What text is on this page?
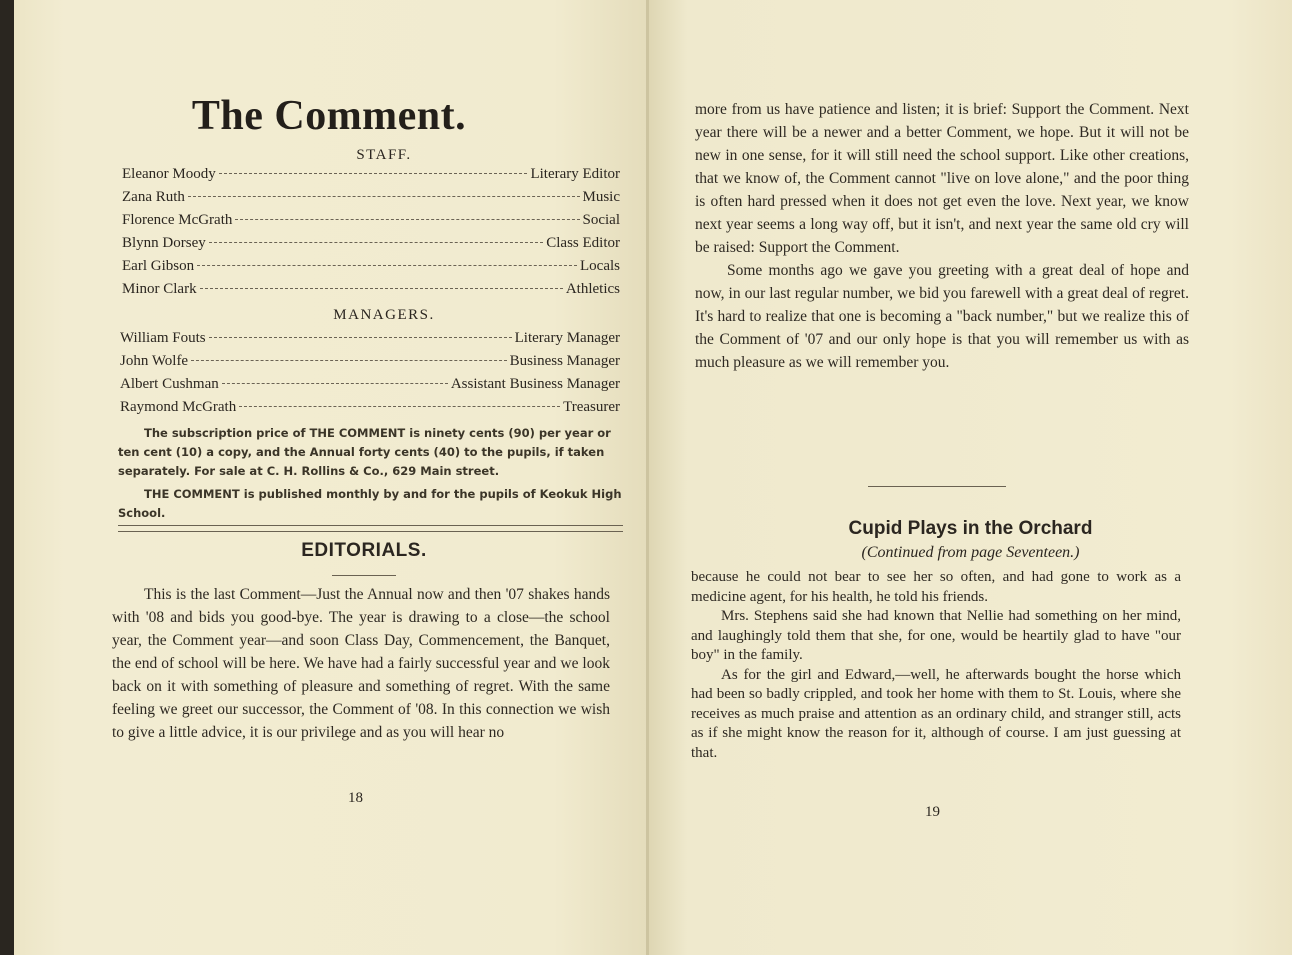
The Comment.
STAFF.
Eleanor Moody	Literary Editor
Zana Ruth	Music
Florence McGrath	Social
Blynn Dorsey	Class Editor
Earl Gibson	Locals
Minor Clark	Athletics
MANAGERS.
William Fouts	Literary Manager
John Wolfe	Business Manager
Albert Cushman	Assistant Business Manager
Raymond McGrath	Treasurer

The subscription price of THE COMMENT is ninety cents (90) per year or ten cent (10) a copy, and the Annual forty cents (40) to the pupils, if taken separately. For sale at C. H. Rollins & Co., 629 Main street.

THE COMMENT is published monthly by and for the pupils of Keokuk High School.

EDITORIALS.

This is the last Comment—Just the Annual now and then '07 shakes hands with '08 and bids you good-bye. The year is drawing to a close—the school year, the Comment year—and soon Class Day, Commencement, the Banquet, the end of school will be here. We have had a fairly successful year and we look back on it with something of pleasure and something of regret. With the same feeling we greet our successor, the Comment of '08. In this connection we wish to give a little advice, it is our privilege and as you will hear no

18

more from us have patience and listen; it is brief: Support the Comment. Next year there will be a newer and a better Comment, we hope. But it will not be new in one sense, for it will still need the school support. Like other creations, that we know of, the Comment cannot "live on love alone," and the poor thing is often hard pressed when it does not get even the love. Next year, we know next year seems a long way off, but it isn't, and next year the same old cry will be raised: Support the Comment.

Some months ago we gave you greeting with a great deal of hope and now, in our last regular number, we bid you farewell with a great deal of regret. It's hard to realize that one is becoming a "back number," but we realize this of the Comment of '07 and our only hope is that you will remember us with as much pleasure as we will remember you.

Cupid Plays in the Orchard
(Continued from page Seventeen.)

because he could not bear to see her so often, and had gone to work as a medicine agent, for his health, he told his friends.

Mrs. Stephens said she had known that Nellie had something on her mind, and laughingly told them that she, for one, would be heartily glad to have "our boy" in the family.

As for the girl and Edward,—well, he afterwards bought the horse which had been so badly crippled, and took her home with them to St. Louis, where she receives as much praise and attention as an ordinary child, and stranger still, acts as if she might know the reason for it, although of course. I am just guessing at that.

19
